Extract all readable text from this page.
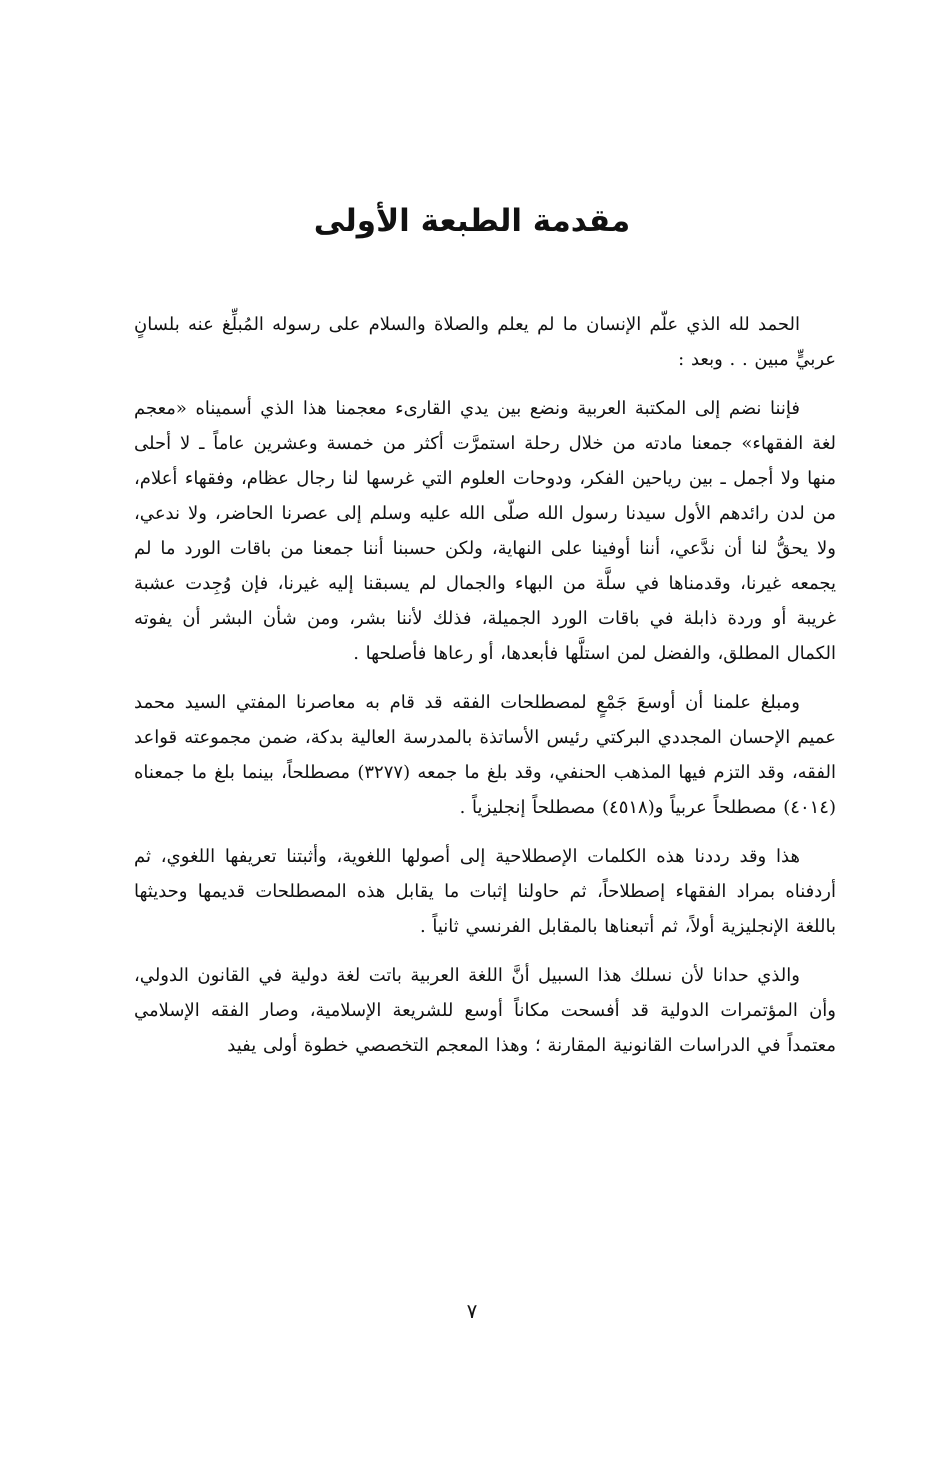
مقدمة الطبعة الأولى

الحمد لله الذي علّم الإنسان ما لم يعلم والصلاة والسلام على رسوله المُبلِّغ عنه بلسانٍ عربيٍّ مبين . . وبعد :

فإننا نضم إلى المكتبة العربية ونضع بين يدي القارىء معجمنا هذا الذي أسميناه «معجم لغة الفقهاء» جمعنا مادته من خلال رحلة استمرَّت أكثر من خمسة وعشرين عاماً ـ لا أحلى منها ولا أجمل ـ بين رياحين الفكر، ودوحات العلوم التي غرسها لنا رجال عظام، وفقهاء أعلام، من لدن رائدهم الأول سيدنا رسول الله صلّى الله عليه وسلم إلى عصرنا الحاضر، ولا ندعي، ولا يحقُّ لنا أن ندَّعي، أننا أوفينا على النهاية، ولكن حسبنا أننا جمعنا من باقات الورد ما لم يجمعه غيرنا، وقدمناها في سلَّة من البهاء والجمال لم يسبقنا إليه غيرنا، فإن وُجِدت عشبة غريبة أو وردة ذابلة في باقات الورد الجميلة، فذلك لأننا بشر، ومن شأن البشر أن يفوته الكمال المطلق، والفضل لمن استلَّها فأبعدها، أو رعاها فأصلحها .

ومبلغ علمنا أن أوسعَ جَمْعٍ لمصطلحات الفقه قد قام به معاصرنا المفتي السيد محمد عميم الإحسان المجددي البركتي رئيس الأساتذة بالمدرسة العالية بدكة، ضمن مجموعته قواعد الفقه، وقد التزم فيها المذهب الحنفي، وقد بلغ ما جمعه (٣٢٧٧) مصطلحاً، بينما بلغ ما جمعناه (٤٠١٤) مصطلحاً عربياً و(٤٥١٨) مصطلحاً إنجليزياً .

هذا وقد رددنا هذه الكلمات الإصطلاحية إلى أصولها اللغوية، وأثبتنا تعريفها اللغوي، ثم أردفناه بمراد الفقهاء إصطلاحاً، ثم حاولنا إثبات ما يقابل هذه المصطلحات قديمها وحديثها باللغة الإنجليزية أولاً، ثم أتبعناها بالمقابل الفرنسي ثانياً .

والذي حدانا لأن نسلك هذا السبيل أنَّ اللغة العربية باتت لغة دولية في القانون الدولي، وأن المؤتمرات الدولية قد أفسحت مكاناً أوسع للشريعة الإسلامية، وصار الفقه الإسلامي معتمداً في الدراسات القانونية المقارنة ؛ وهذا المعجم التخصصي خطوة أولى يفيد

٧
